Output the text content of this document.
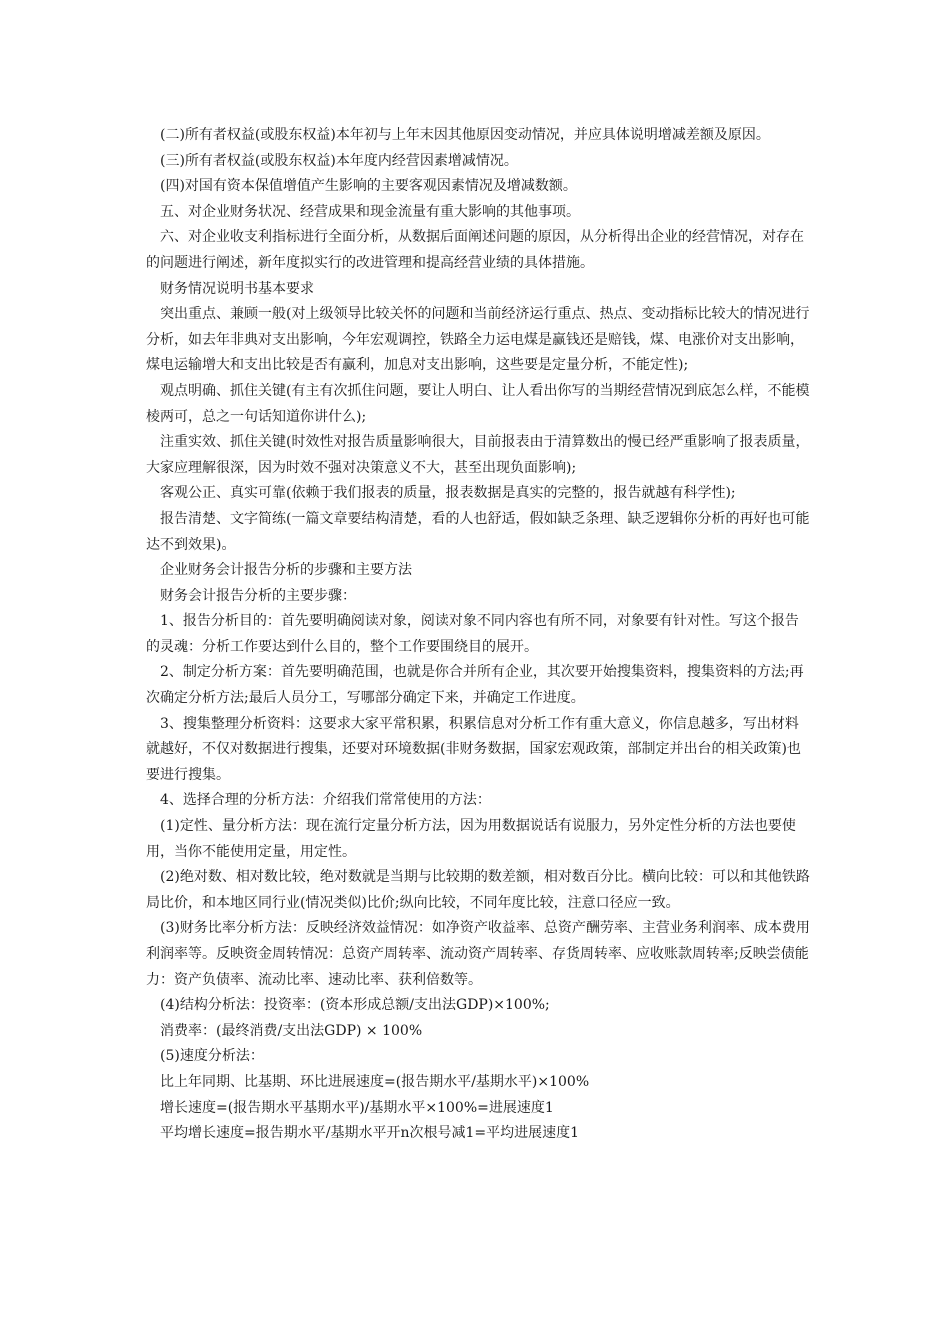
(二)所有者权益(或股东权益)本年初与上年末因其他原因变动情况，并应具体说明增减差额及原因。

(三)所有者权益(或股东权益)本年度内经营因素增减情况。

(四)对国有资本保值增值产生影响的主要客观因素情况及增减数额。

五、对企业财务状况、经营成果和现金流量有重大影响的其他事项。

六、对企业收支利指标进行全面分析，从数据后面阐述问题的原因，从分析得出企业的经营情况，对存在的问题进行阐述，新年度拟实行的改进管理和提高经营业绩的具体措施。

财务情况说明书基本要求

突出重点、兼顾一般(对上级领导比较关怀的问题和当前经济运行重点、热点、变动指标比较大的情况进行分析，如去年非典对支出影响，今年宏观调控，铁路全力运电煤是赢钱还是赔钱，煤、电涨价对支出影响，煤电运输增大和支出比较是否有赢利，加息对支出影响，这些要是定量分析，不能定性);

观点明确、抓住关键(有主有次抓住问题，要让人明白、让人看出你写的当期经营情况到底怎么样，不能模棱两可，总之一句话知道你讲什么);

注重实效、抓住关键(时效性对报告质量影响很大，目前报表由于清算数出的慢已经严重影响了报表质量，大家应理解很深，因为时效不强对决策意义不大，甚至出现负面影响);

客观公正、真实可靠(依赖于我们报表的质量，报表数据是真实的完整的，报告就越有科学性);

报告清楚、文字简练(一篇文章要结构清楚，看的人也舒适，假如缺乏条理、缺乏逻辑你分析的再好也可能达不到效果)。

企业财务会计报告分析的步骤和主要方法

财务会计报告分析的主要步骤：

1、报告分析目的：首先要明确阅读对象，阅读对象不同内容也有所不同，对象要有针对性。写这个报告的灵魂：分析工作要达到什么目的，整个工作要围绕目的展开。

2、制定分析方案：首先要明确范围，也就是你合并所有企业，其次要开始搜集资料，搜集资料的方法;再次确定分析方法;最后人员分工，写哪部分确定下来，并确定工作进度。

3、搜集整理分析资料：这要求大家平常积累，积累信息对分析工作有重大意义，你信息越多，写出材料就越好，不仅对数据进行搜集，还要对环境数据(非财务数据，国家宏观政策，部制定并出台的相关政策)也要进行搜集。

4、选择合理的分析方法：介绍我们常常使用的方法：

(1)定性、量分析方法：现在流行定量分析方法，因为用数据说话有说服力，另外定性分析的方法也要使用，当你不能使用定量，用定性。

(2)绝对数、相对数比较，绝对数就是当期与比较期的数差额，相对数百分比。横向比较：可以和其他铁路局比价，和本地区同行业(情况类似)比价;纵向比较，不同年度比较，注意口径应一致。

(3)财务比率分析方法：反映经济效益情况：如净资产收益率、总资产酬劳率、主营业务利润率、成本费用利润率等。反映资金周转情况：总资产周转率、流动资产周转率、存货周转率、应收账款周转率;反映尝债能力：资产负债率、流动比率、速动比率、获利倍数等。

(4)结构分析法：投资率：(资本形成总额/支出法GDP)×100%;

消费率：(最终消费/支出法GDP) × 100%

(5)速度分析法：

比上年同期、比基期、环比进展速度=(报告期水平/基期水平)×100%

增长速度=(报告期水平基期水平)/基期水平×100%=进展速度1

平均增长速度=报告期水平/基期水平开n次根号减1=平均进展速度1
